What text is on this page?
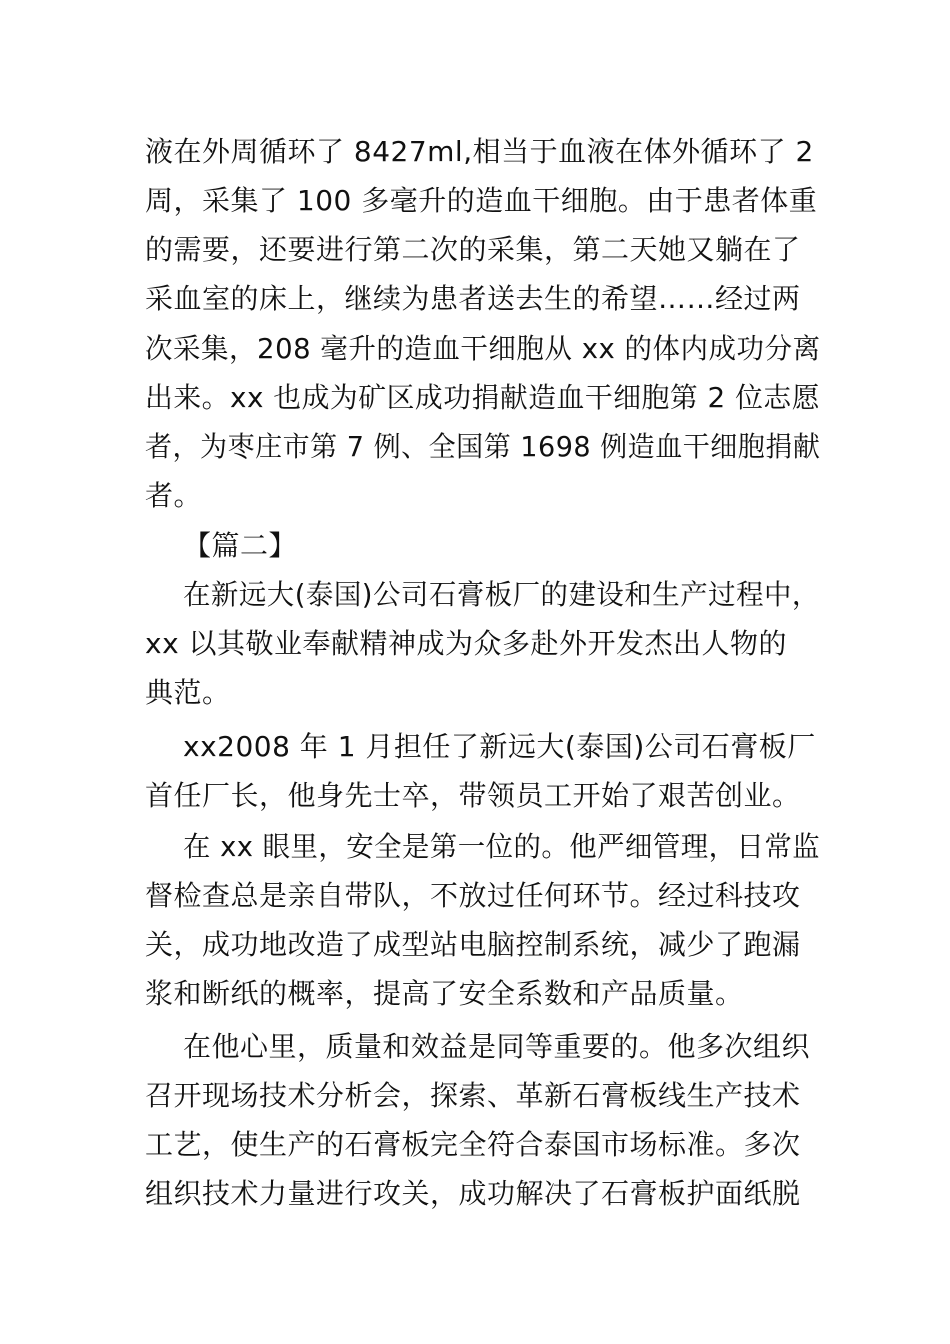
液在外周循环了 8427ml,相当于血液在体外循环了 2
周，采集了 100 多毫升的造血干细胞。由于患者体重
的需要，还要进行第二次的采集，第二天她又躺在了
采血室的床上，继续为患者送去生的希望……经过两
次采集，208 毫升的造血干细胞从 xx 的体内成功分离
出来。xx 也成为矿区成功捐献造血干细胞第 2 位志愿
者，为枣庄市第 7 例、全国第 1698 例造血干细胞捐献
者。
【篇二】
在新远大(泰国)公司石膏板厂的建设和生产过程中，
xx 以其敬业奉献精神成为众多赴外开发杰出人物的
典范。
xx2008 年 1 月担任了新远大(泰国)公司石膏板厂
首任厂长，他身先士卒，带领员工开始了艰苦创业。
在 xx 眼里，安全是第一位的。他严细管理，日常监
督检查总是亲自带队，不放过任何环节。经过科技攻
关，成功地改造了成型站电脑控制系统，减少了跑漏
浆和断纸的概率，提高了安全系数和产品质量。
在他心里，质量和效益是同等重要的。他多次组织
召开现场技术分析会，探索、革新石膏板线生产技术
工艺，使生产的石膏板完全符合泰国市场标准。多次
组织技术力量进行攻关，成功解决了石膏板护面纸脱
